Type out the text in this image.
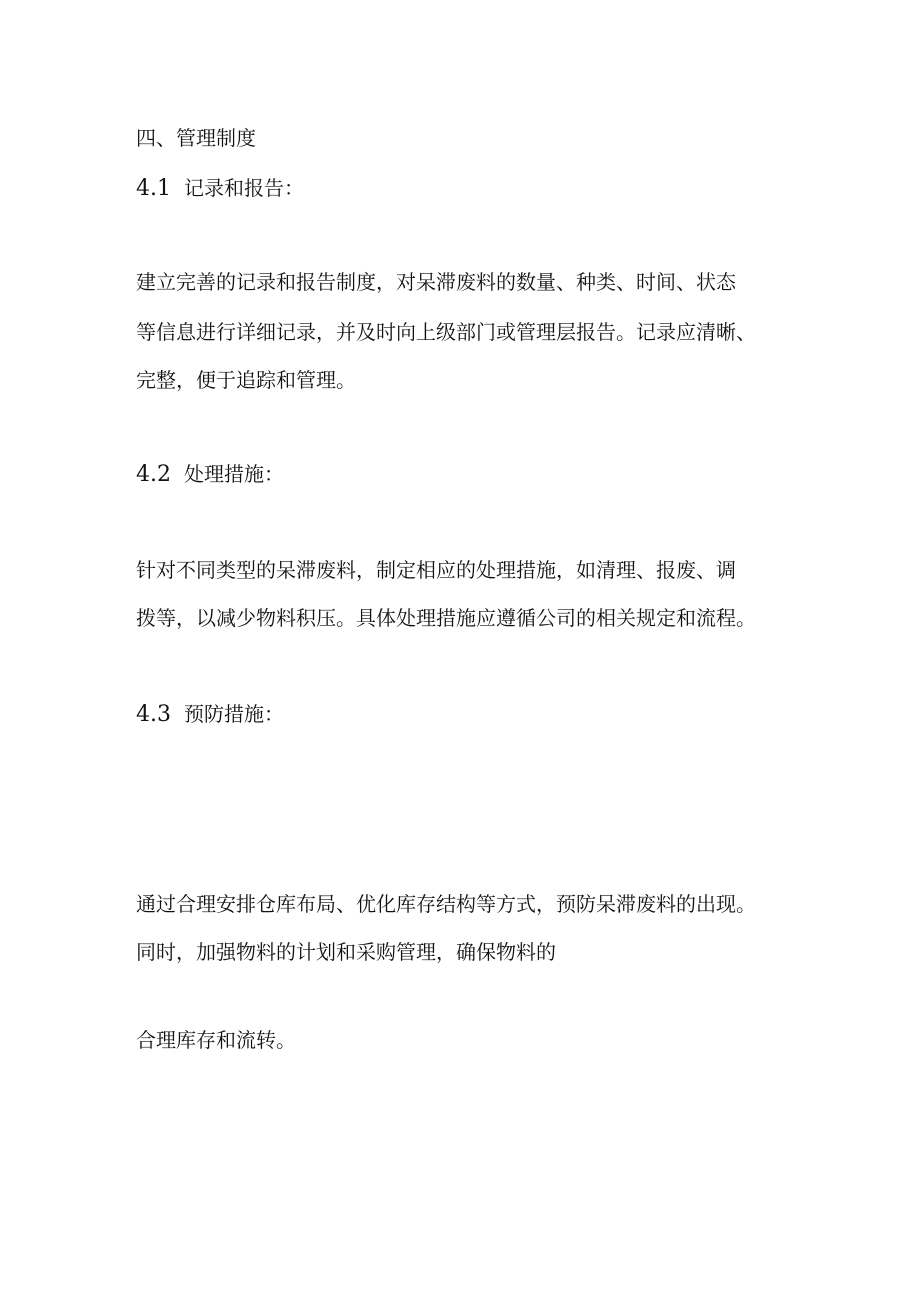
四、管理制度
4.1 记录和报告：
建立完善的记录和报告制度，对呆滞废料的数量、种类、时间、状态
等信息进行详细记录，并及时向上级部门或管理层报告。记录应清晰、
完整，便于追踪和管理。
4.2 处理措施：
针对不同类型的呆滞废料，制定相应的处理措施，如清理、报废、调
拨等，以减少物料积压。具体处理措施应遵循公司的相关规定和流程。
4.3 预防措施：
通过合理安排仓库布局、优化库存结构等方式，预防呆滞废料的出现。
同时，加强物料的计划和采购管理，确保物料的
合理库存和流转。
